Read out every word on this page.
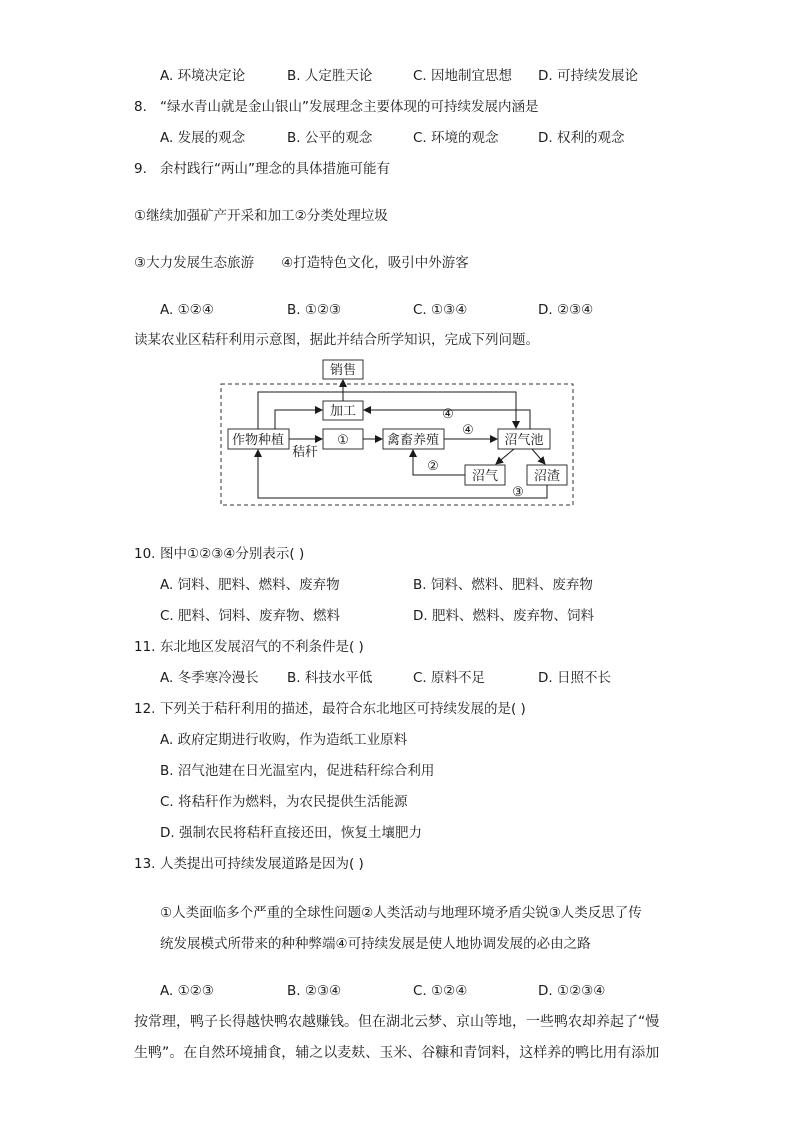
A. 环境决定论	B. 人定胜天论	C. 因地制宜思想 D. 可持续发展论
8. “绿水青山就是金山银山”发展理念主要体现的可持续发展内涵是
A. 发展的观念	B. 公平的观念	C. 环境的观念	D. 权利的观念
9. 余村践行“两山”理念的具体措施可能有
①继续加强矿产开采和加工②分类处理垃圾
③大力发展生态旅游　　④打造特色文化，吸引中外游客
A. ①②④	B. ①②③	C. ①③④	D. ②③④
读某农业区秸秆利用示意图，据此并结合所学知识，完成下列问题。
销售
加工
作物种植	①	禽畜养殖	沼气池
沼气	沼渣
④
秸秆
④
②
③
10. 图中①②③④分别表示( )
A. 饲料、肥料、燃料、废弃物	B. 饲料、燃料、肥料、废弃物
C. 肥料、饲料、废弃物、燃料	D. 肥料、燃料、废弃物、饲料
11. 东北地区发展沼气的不利条件是( )
A. 冬季寒冷漫长 B. 科技水平低	C. 原料不足	D. 日照不长
12. 下列关于秸秆利用的描述，最符合东北地区可持续发展的是( )
A. 政府定期进行收购，作为造纸工业原料
B. 沼气池建在日光温室内，促进秸秆综合利用
C. 将秸秆作为燃料，为农民提供生活能源
D. 强制农民将秸秆直接还田，恢复土壤肥力
13. 人类提出可持续发展道路是因为( )
①人类面临多个严重的全球性问题②人类活动与地理环境矛盾尖锐③人类反思了传
统发展模式所带来的种种弊端④可持续发展是使人地协调发展的必由之路
A. ①②③	B. ②③④	C. ①②④	D. ①②③④
按常理，鸭子长得越快鸭农越赚钱。但在湖北云梦、京山等地，一些鸭农却养起了“慢
生鸭”。在自然环境捕食，辅之以麦麸、玉米、谷糠和青饲料，这样养的鸭比用有添加
